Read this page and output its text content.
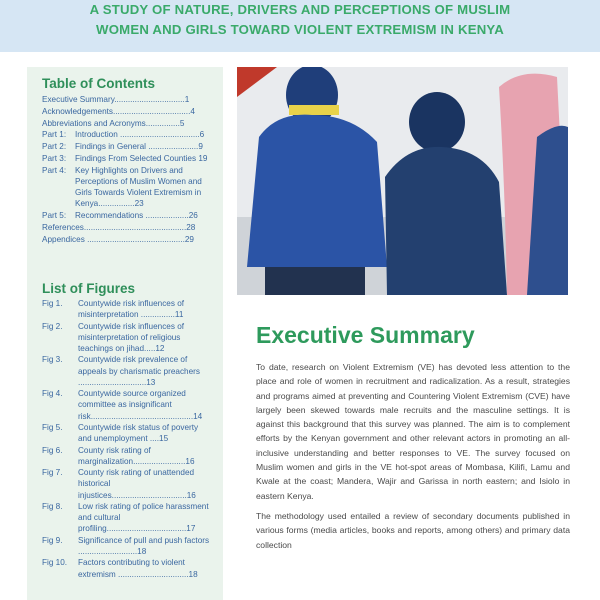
A STUDY OF NATURE, DRIVERS AND PERCEPTIONS OF MUSLIM
WOMEN AND GIRLS TOWARD VIOLENT EXTREMISM IN KENYA
Table of Contents
Executive Summary...............................1
Acknowledgements..................................4
Abbreviations and Acronyms...............5
Part 1:	Introduction ...................................6
Part 2:	Findings in General ......................9
Part 3:	Findings From Selected Counties 19
Part 4:	Key Highlights on Drivers and Perceptions of Muslim Women and Girls Towards Violent Extremism in Kenya................23
Part 5:	Recommendations ...................26
References.............................................28
Appendices ...........................................29
List of Figures
Fig 1.	Countywide risk influences of misinterpretation ...............11
Fig 2.	Countywide risk influences of misinterpretation of religious teachings on jihad.....12
Fig 3.	Countywide risk prevalence of appeals by charismatic preachers ..............................13
Fig 4.	Countywide source organized committee as insignificant risk.............................................14
Fig 5.	Countywide risk status of poverty and unemployment ....15
Fig 6.	County risk rating of marginalization.......................16
Fig 7.	County risk rating of unattended historical injustices.................................16
Fig 8.	Low risk rating of police harassment and cultural profiling...................................17
Fig 9.	Significance of pull and push factors ..........................18
Fig 10.	Factors contributing to violent extremism ...............................18
Executive Summary

To date, research on Violent Extremism (VE) has devoted less attention to the place and role of women in recruitment and radicalization. As a result, strategies and programs aimed at preventing and Countering Violent Extremism (CVE) have largely been skewed towards male recruits and the masculine settings. It is against this background that this survey was planned. The aim is to complement efforts by the Kenyan government and other relevant actors in promoting an all-inclusive understanding and better responses to VE. The survey focused on Muslim women and girls in the VE hot-spot areas of Mombasa, Kilifi, Lamu and Kwale at the coast; Mandera, Wajir and Garissa in north eastern; and Isiolo in eastern Kenya.

The methodology used entailed a review of secondary documents published in various forms (media articles, books and reports, among others) and primary data collection
